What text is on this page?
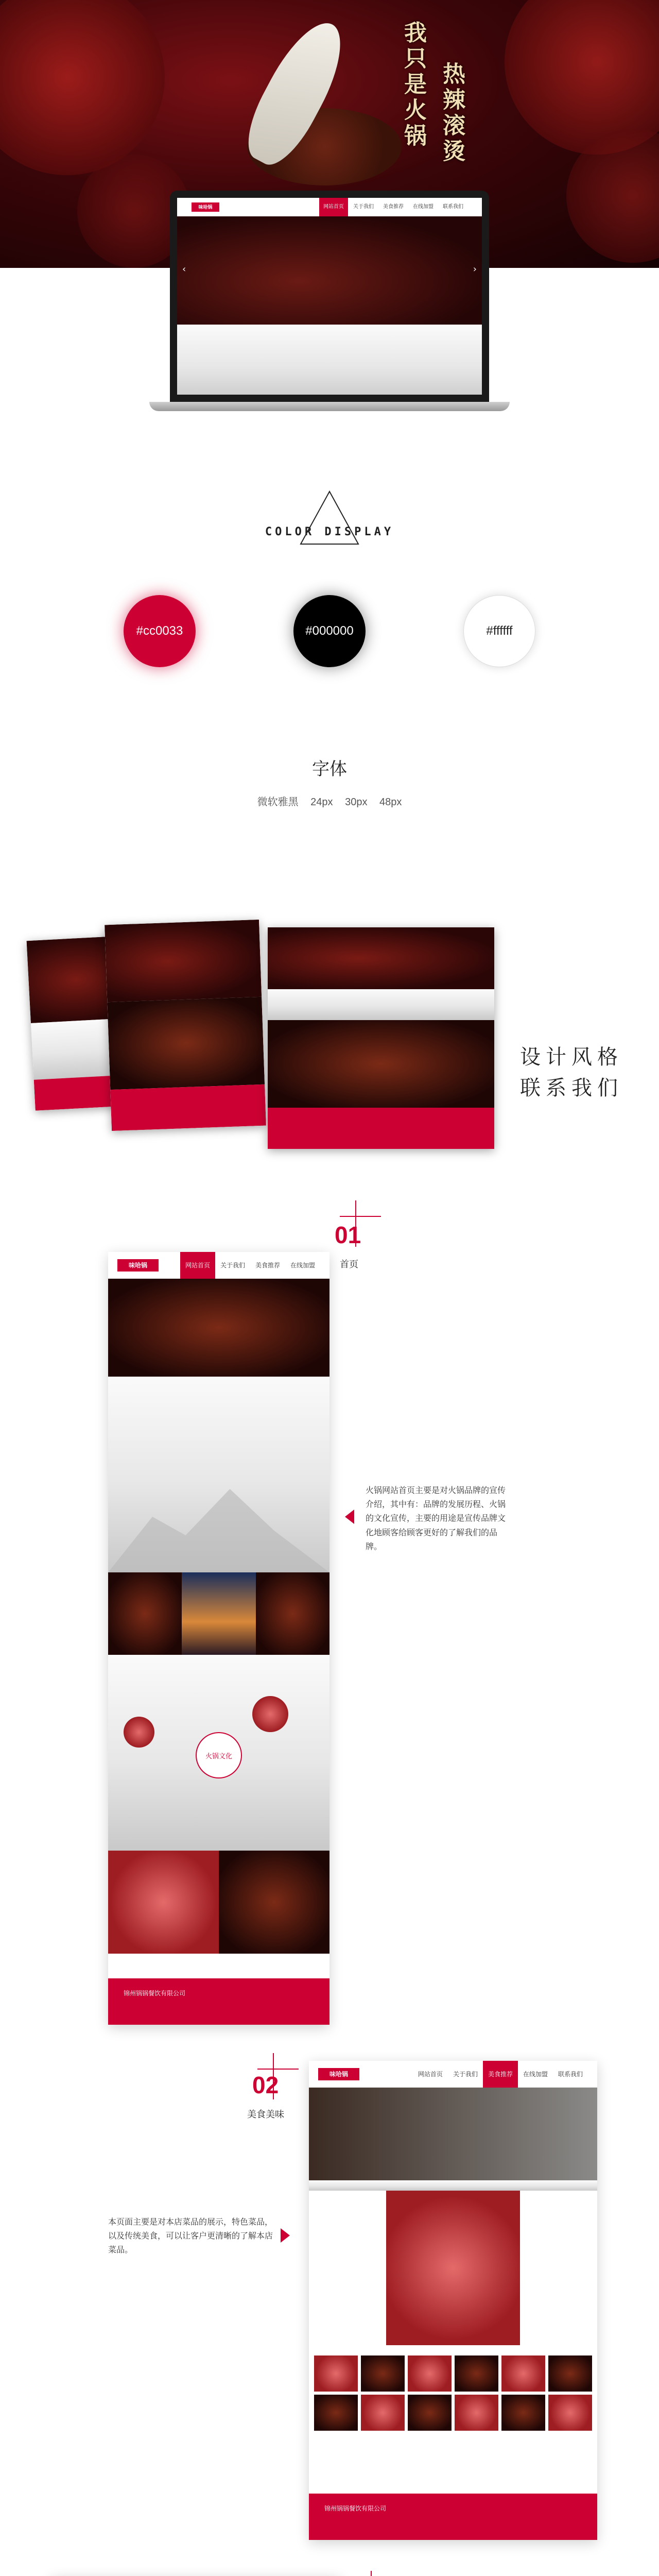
我只是火锅 热辣滚烫
味哈锅	网站首页	关于我们	美食推荐	在线加盟	联系我们
‹	›
COLOR DISPLAY
#cc0033	#000000	#ffffff
字体
微软雅黑 24px 30px 48px
设计风格
联系我们
01
首页
味哈锅	网站首页	关于我们	美食推荐	在线加盟
火锅文化
锦州锅锅餐饮有限公司
火锅网站首页主要是对火锅品牌的宣传介绍，其中有：品牌的发展历程、火锅的文化宣传，主要的用途是宣传品牌文化地顾客给顾客更好的了解我们的品牌。
02
美食美味
味哈锅	网站首页	关于我们	美食推荐	在线加盟	联系我们
锦州锅锅餐饮有限公司
本页面主要是对本店菜品的展示，特色菜品，以及传统美食，可以让客户更清晰的了解本店菜品。
